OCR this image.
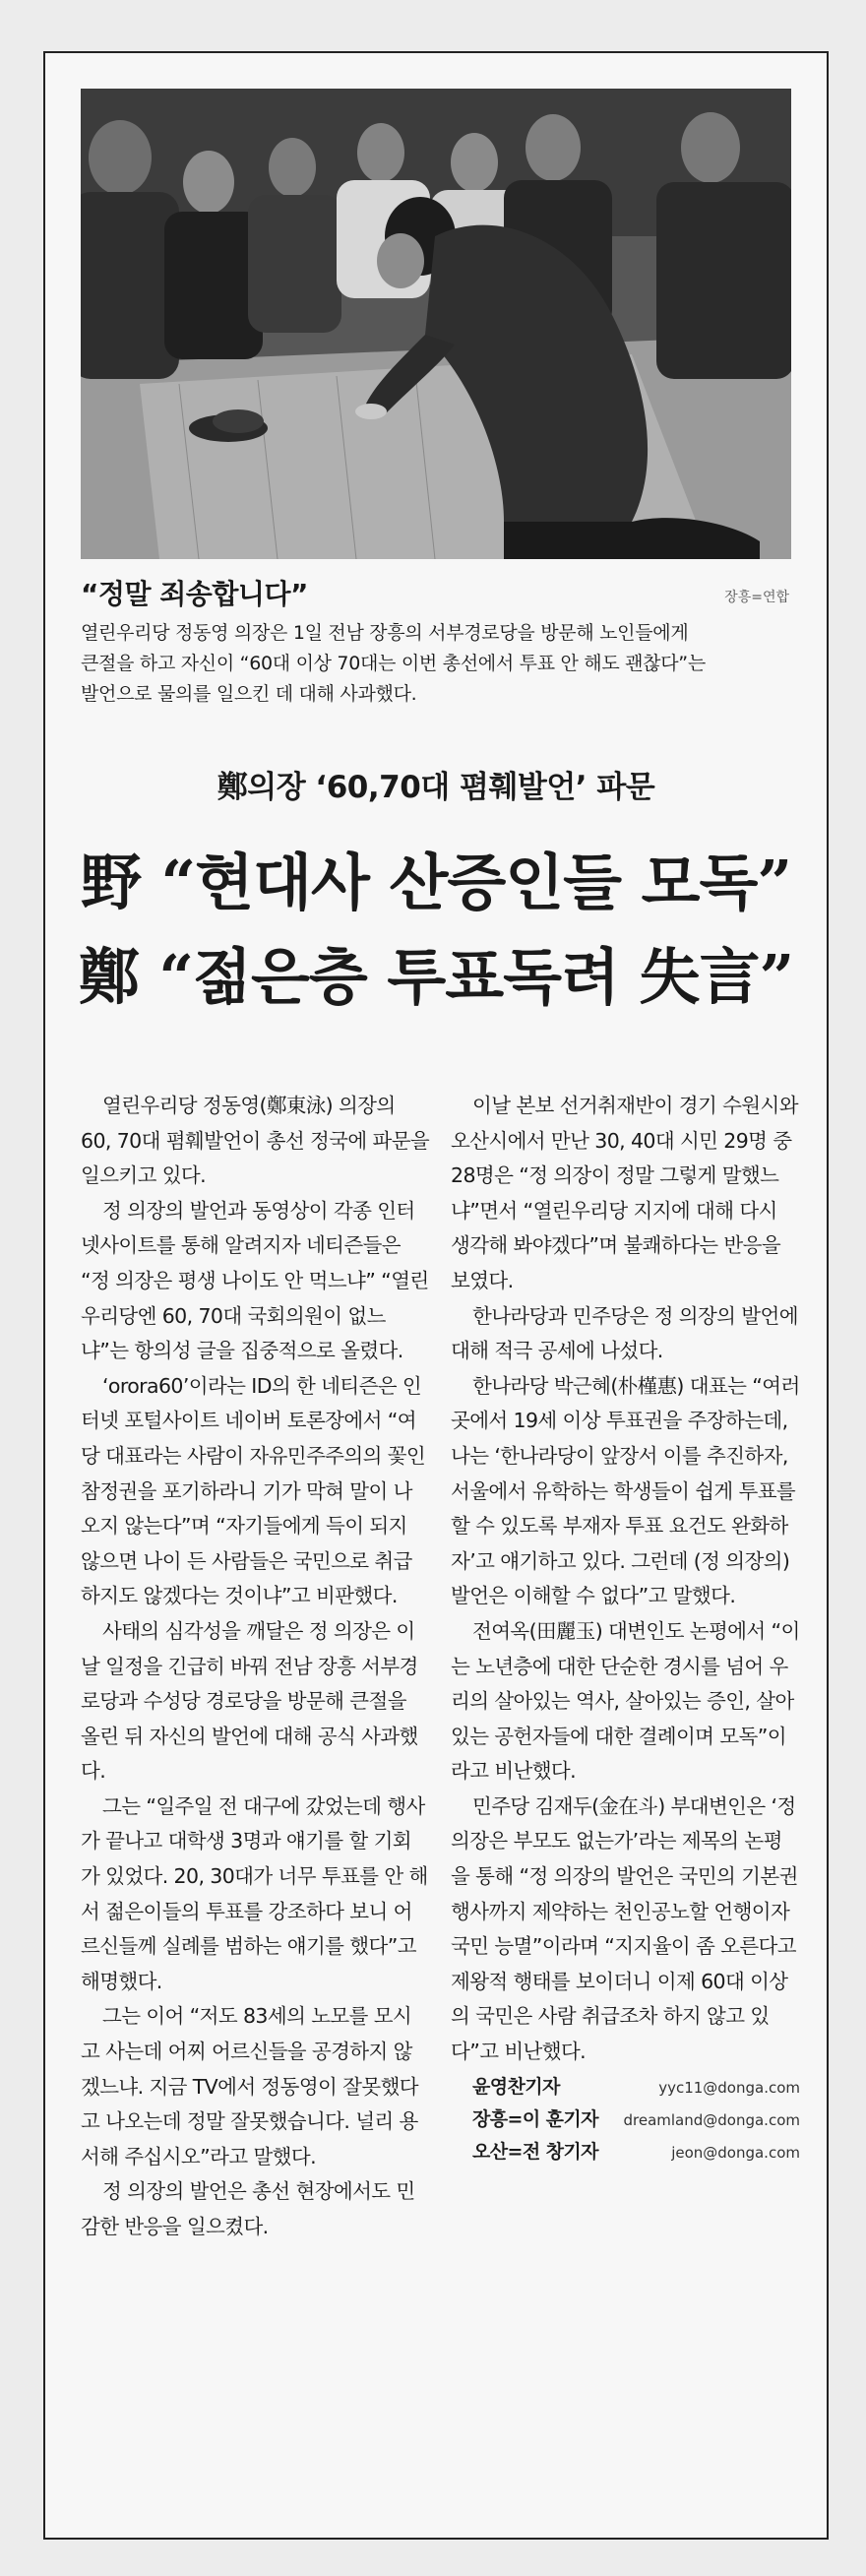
“정말 죄송합니다”	장흥=연합

열린우리당 정동영 의장은 1일 전남 장흥의 서부경로당을 방문해 노인들에게

큰절을 하고 자신이 “60대 이상 70대는 이번 총선에서 투표 안 해도 괜찮다”는

발언으로 물의를 일으킨 데 대해 사과했다.

鄭의장 ‘60,70대 폄훼발언’ 파문
野 “현대사 산증인들 모독”
鄭 “젊은층 투표독려 失言”

열린우리당 정동영(鄭東泳) 의장의 60, 70대 폄훼발언이 총선 정국에 파문을 일으키고 있다.

정 의장의 발언과 동영상이 각종 인터넷사이트를 통해 알려지자 네티즌들은 “정 의장은 평생 나이도 안 먹느냐” “열린우리당엔 60, 70대 국회의원이 없느냐”는 항의성 글을 집중적으로 올렸다.

‘orora60’이라는 ID의 한 네티즌은 인터넷 포털사이트 네이버 토론장에서 “여당 대표라는 사람이 자유민주주의의 꽃인 참정권을 포기하라니 기가 막혀 말이 나오지 않는다”며 “자기들에게 득이 되지 않으면 나이 든 사람들은 국민으로 취급하지도 않겠다는 것이냐”고 비판했다.

사태의 심각성을 깨달은 정 의장은 이날 일정을 긴급히 바꿔 전남 장흥 서부경로당과 수성당 경로당을 방문해 큰절을 올린 뒤 자신의 발언에 대해 공식 사과했다.

그는 “일주일 전 대구에 갔었는데 행사가 끝나고 대학생 3명과 얘기를 할 기회가 있었다. 20, 30대가 너무 투표를 안 해서 젊은이들의 투표를 강조하다 보니 어르신들께 실례를 범하는 얘기를 했다”고 해명했다.

그는 이어 “저도 83세의 노모를 모시고 사는데 어찌 어르신들을 공경하지 않겠느냐. 지금 TV에서 정동영이 잘못했다고 나오는데 정말 잘못했습니다. 널리 용서해 주십시오”라고 말했다.

정 의장의 발언은 총선 현장에서도 민감한 반응을 일으켰다.

이날 본보 선거취재반이 경기 수원시와 오산시에서 만난 30, 40대 시민 29명 중 28명은 “정 의장이 정말 그렇게 말했느냐”면서 “열린우리당 지지에 대해 다시 생각해 봐야겠다”며 불쾌하다는 반응을 보였다.

한나라당과 민주당은 정 의장의 발언에 대해 적극 공세에 나섰다.

한나라당 박근혜(朴槿惠) 대표는 “여러 곳에서 19세 이상 투표권을 주장하는데, 나는 ‘한나라당이 앞장서 이를 추진하자, 서울에서 유학하는 학생들이 쉽게 투표를 할 수 있도록 부재자 투표 요건도 완화하자’고 얘기하고 있다. 그런데 (정 의장의) 발언은 이해할 수 없다”고 말했다.

전여옥(田麗玉) 대변인도 논평에서 “이는 노년층에 대한 단순한 경시를 넘어 우리의 살아있는 역사, 살아있는 증인, 살아있는 공헌자들에 대한 결례이며 모독”이라고 비난했다.

민주당 김재두(金在斗) 부대변인은 ‘정 의장은 부모도 없는가’라는 제목의 논평을 통해 “정 의장의 발언은 국민의 기본권 행사까지 제약하는 천인공노할 언행이자 국민 능멸”이라며 “지지율이 좀 오른다고 제왕적 행태를 보이더니 이제 60대 이상의 국민은 사람 취급조차 하지 않고 있다”고 비난했다.

윤영찬기자	yyc11@donga.com
장흥=이 훈기자 dreamland@donga.com
오산=전 창기자	jeon@donga.com
